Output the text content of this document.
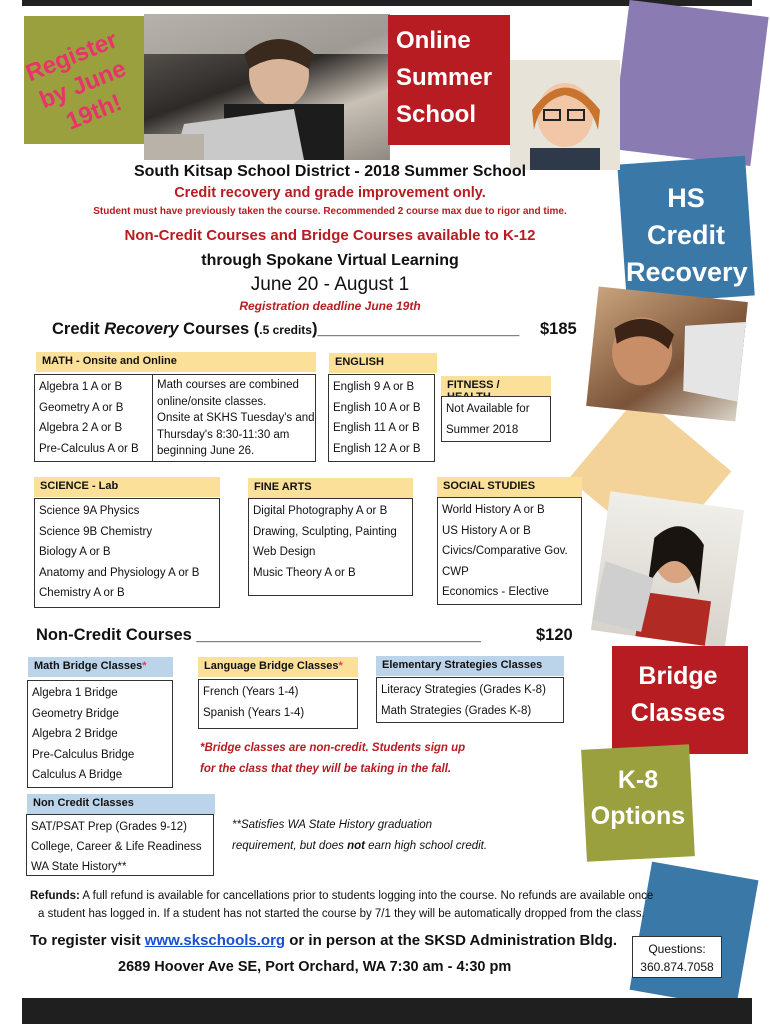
HS
Credit
Recovery
Register by June 19th!
Online
Summer
School
Bridge
Classes
K-8
Options
South Kitsap School District - 2018 Summer School
Credit recovery and grade improvement only.
Student must have previously taken the course. Recommended 2 course max due to rigor and time.
Non-Credit Courses and Bridge Courses available to K-12
through Spokane Virtual Learning
June 20 - August 1
Registration deadline June 19th
Credit Recovery Courses (.5 credits)______________________ $185
MATH - Onsite and Online
Algebra 1 A or B
Geometry A or B
Algebra 2 A or B
Pre-Calculus A or B
Math courses are combined
online/onsite classes.
Onsite at SKHS Tuesday's and
Thursday's 8:30-11:30 am
beginning June 26.
ENGLISH
English 9 A or B
English 10 A or B
English 11 A or B
English 12 A or B
FITNESS /
Not Available for
Summer 2018
SCIENCE - Lab
Science 9A Physics
Science 9B Chemistry
Biology A or B
Anatomy and Physiology A or B
Chemistry A or B
FINE ARTS
Digital Photography A or B
Drawing, Sculpting, Painting
Web Design
Music Theory A or B
SOCIAL STUDIES
World History A or B
US History A or B
Civics/Comparative Gov.
CWP
Economics - Elective
Non-Credit Courses _______________________________	$120
Math Bridge Classes*
Algebra 1 Bridge
Geometry Bridge
Algebra 2 Bridge
Pre-Calculus Bridge
Calculus A Bridge
Language Bridge Classes*
French (Years 1-4)
Spanish (Years 1-4)
Elementary Strategies Classes
Literacy Strategies (Grades K-8)
Math Strategies (Grades K-8)
*Bridge classes are non-credit. Students sign up
for the class that they will be taking in the fall.
Non Credit Classes
SAT/PSAT Prep (Grades 9-12)
College, Career & Life Readiness
WA State History**
**Satisfies WA State History graduation
requirement, but does not earn high school credit.
Refunds: A full refund is available for cancellations prior to students logging into the course. No refunds are available once
a student has logged in. If a student has not started the course by 7/1 they will be automatically dropped from the class.
To register visit www.skschools.org or in person at the SKSD Administration Bldg.
2689 Hoover Ave SE, Port Orchard, WA 7:30 am - 4:30 pm
Questions:
360.874.7058
